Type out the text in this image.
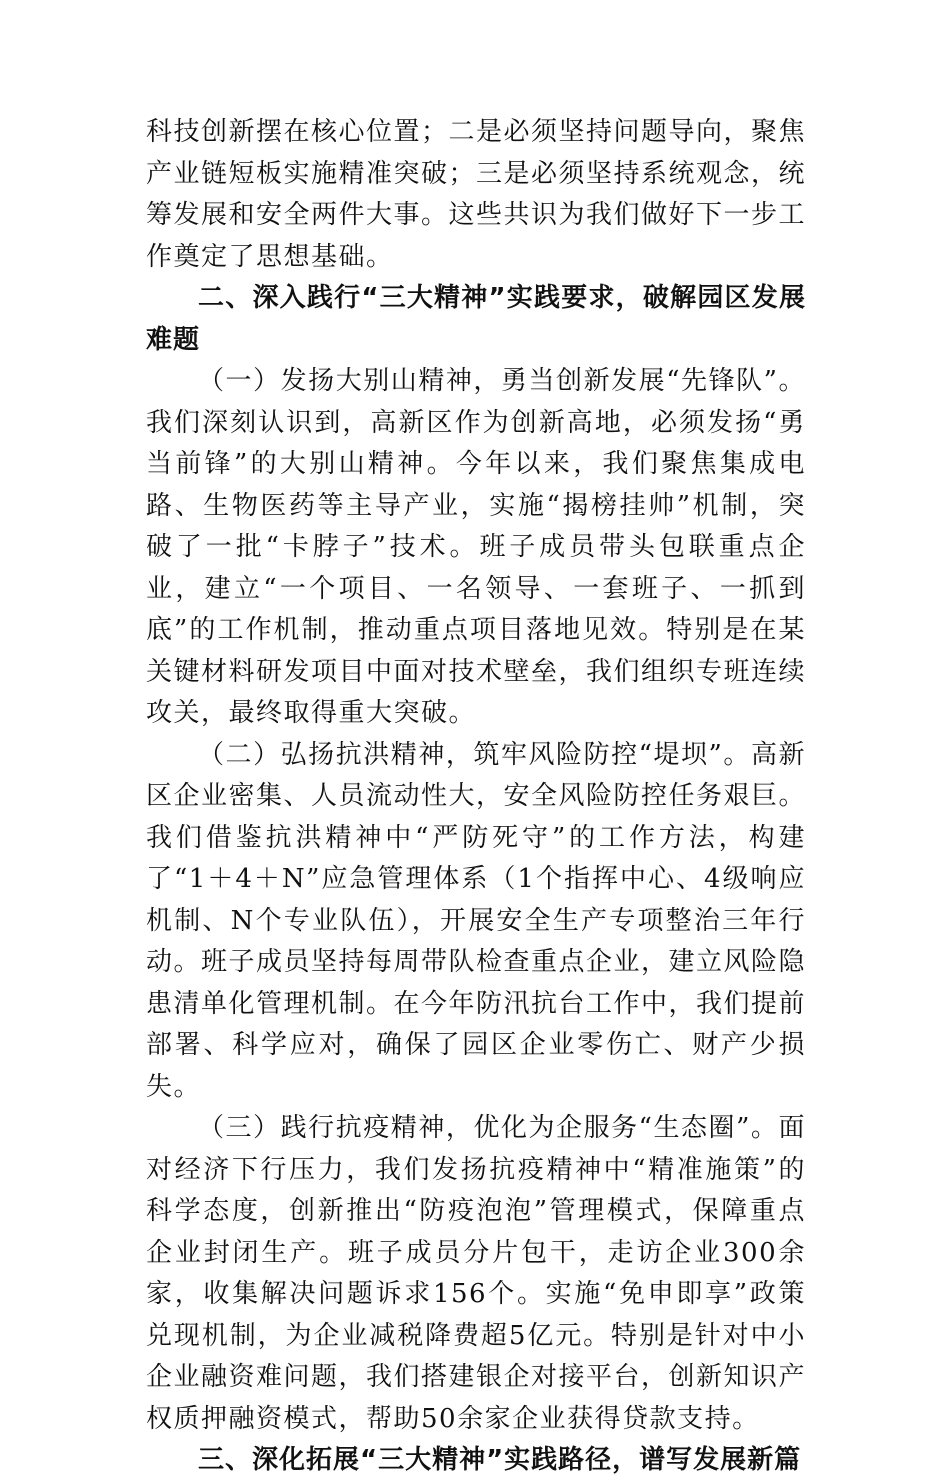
科技创新摆在核心位置；二是必须坚持问题导向，聚焦产业链短板实施精准突破；三是必须坚持系统观念，统筹发展和安全两件大事。这些共识为我们做好下一步工作奠定了思想基础。

二、深入践行“三大精神”实践要求，破解园区发展难题

（一）发扬大别山精神，勇当创新发展“先锋队”。我们深刻认识到，高新区作为创新高地，必须发扬“勇当前锋”的大别山精神。今年以来，我们聚焦集成电路、生物医药等主导产业，实施“揭榜挂帅”机制，突破了一批“卡脖子”技术。班子成员带头包联重点企业，建立“一个项目、一名领导、一套班子、一抓到底”的工作机制，推动重点项目落地见效。特别是在某关键材料研发项目中面对技术壁垒，我们组织专班连续攻关，最终取得重大突破。

（二）弘扬抗洪精神，筑牢风险防控“堤坝”。高新区企业密集、人员流动性大，安全风险防控任务艰巨。我们借鉴抗洪精神中“严防死守”的工作方法，构建了“1＋4＋N”应急管理体系（1个指挥中心、4级响应机制、N个专业队伍），开展安全生产专项整治三年行动。班子成员坚持每周带队检查重点企业，建立风险隐患清单化管理机制。在今年防汛抗台工作中，我们提前部署、科学应对，确保了园区企业零伤亡、财产少损失。

（三）践行抗疫精神，优化为企服务“生态圈”。面对经济下行压力，我们发扬抗疫精神中“精准施策”的科学态度，创新推出“防疫泡泡”管理模式，保障重点企业封闭生产。班子成员分片包干，走访企业300余家，收集解决问题诉求156个。实施“免申即享”政策兑现机制，为企业减税降费超5亿元。特别是针对中小企业融资难问题，我们搭建银企对接平台，创新知识产权质押融资模式，帮助50余家企业获得贷款支持。

三、深化拓展“三大精神”实践路径，谱写发展新篇
